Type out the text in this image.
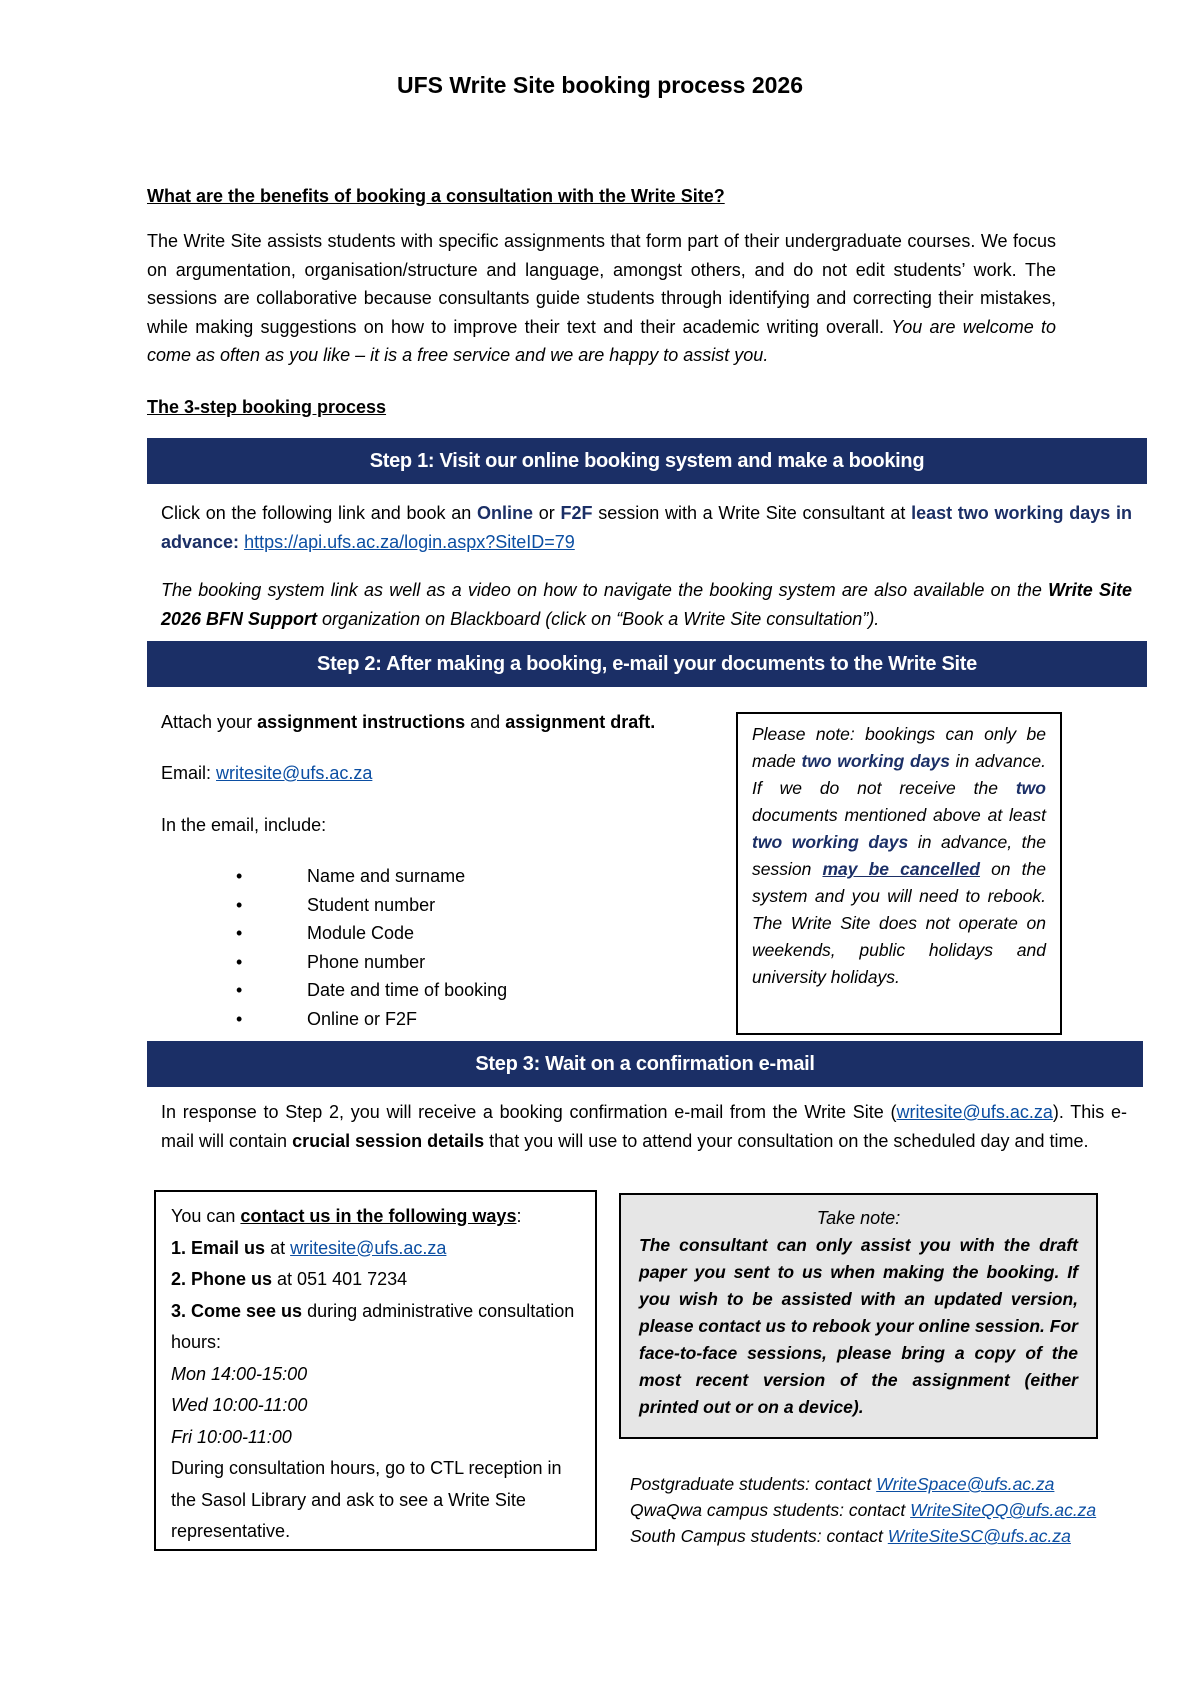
UFS Write Site booking process 2026
What are the benefits of booking a consultation with the Write Site?
The Write Site assists students with specific assignments that form part of their undergraduate courses. We focus on argumentation, organisation/structure and language, amongst others, and do not edit students’ work. The sessions are collaborative because consultants guide students through identifying and correcting their mistakes, while making suggestions on how to improve their text and their academic writing overall. You are welcome to come as often as you like – it is a free service and we are happy to assist you.
The 3-step booking process
Step 1: Visit our online booking system and make a booking
Click on the following link and book an Online or F2F session with a Write Site consultant at least two working days in advance: https://api.ufs.ac.za/login.aspx?SiteID=79
The booking system link as well as a video on how to navigate the booking system are also available on the Write Site 2026 BFN Support organization on Blackboard (click on “Book a Write Site consultation”).
Step 2: After making a booking, e-mail your documents to the Write Site
Attach your assignment instructions and assignment draft.
Email: writesite@ufs.ac.za
In the email, include:
•	Name and surname
•	Student number
•	Module Code
•	Phone number
•	Date and time of booking
•	Online or F2F
Please note: bookings can only be made two working days in advance. If we do not receive the two documents mentioned above at least two working days in advance, the session may be cancelled on the system and you will need to rebook. The Write Site does not operate on weekends, public holidays and university holidays.
Step 3: Wait on a confirmation e-mail
In response to Step 2, you will receive a booking confirmation e-mail from the Write Site (writesite@ufs.ac.za). This e-mail will contain crucial session details that you will use to attend your consultation on the scheduled day and time.
You can contact us in the following ways:
1. Email us at writesite@ufs.ac.za
2. Phone us at 051 401 7234
3. Come see us during administrative consultation hours:
Mon 14:00-15:00
Wed 10:00-11:00
Fri 10:00-11:00
During consultation hours, go to CTL reception in the Sasol Library and ask to see a Write Site representative.
Take note:
The consultant can only assist you with the draft paper you sent to us when making the booking. If you wish to be assisted with an updated version, please contact us to rebook your online session. For face-to-face sessions, please bring a copy of the most recent version of the assignment (either printed out or on a device).
Postgraduate students: contact WriteSpace@ufs.ac.za
QwaQwa campus students: contact WriteSiteQQ@ufs.ac.za
South Campus students: contact WriteSiteSC@ufs.ac.za
